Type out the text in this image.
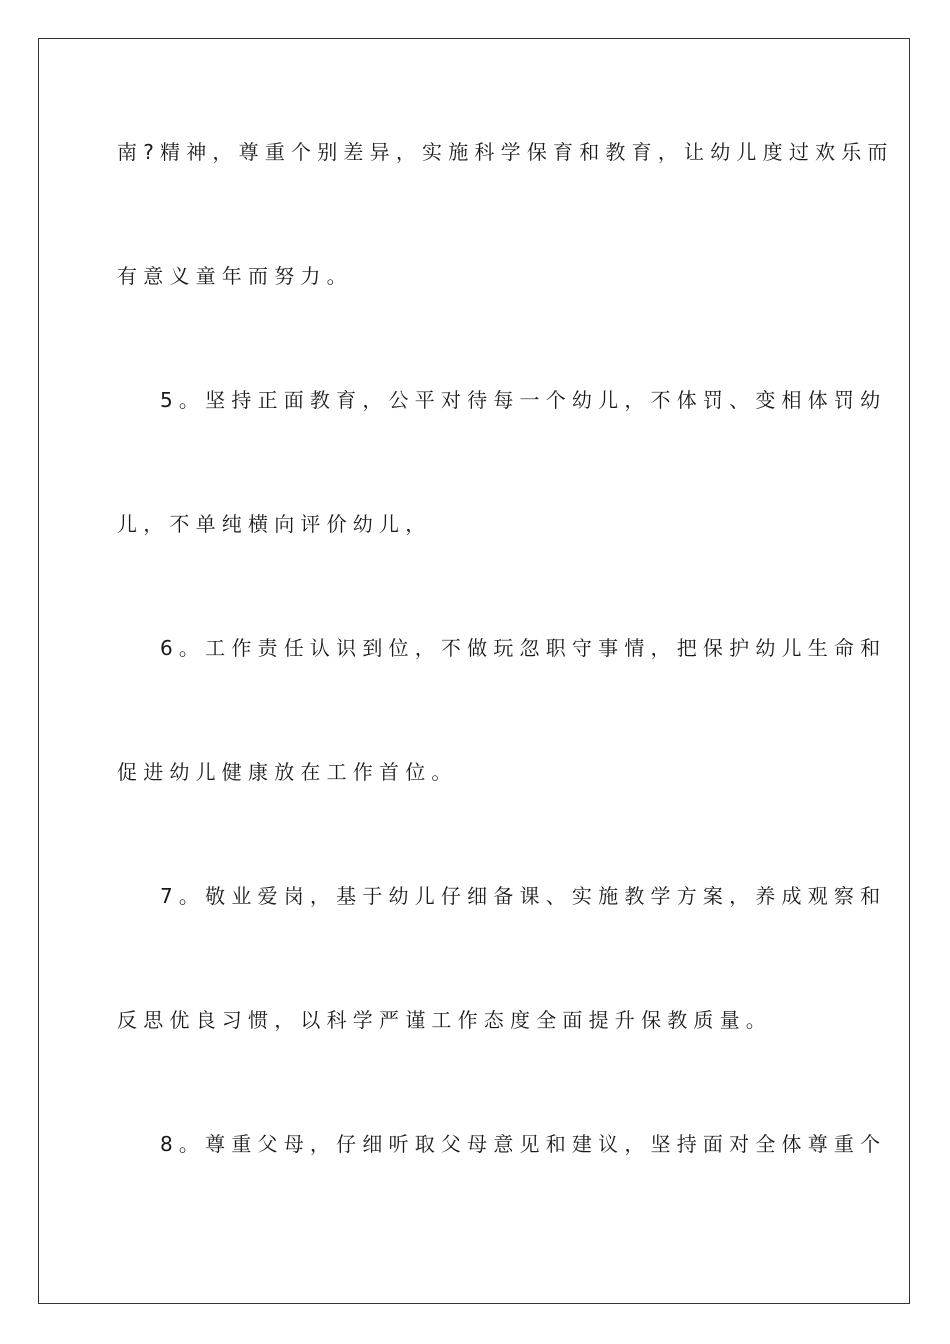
南?精神，尊重个别差异，实施科学保育和教育，让幼儿度过欢乐而
有意义童年而努力。
5。坚持正面教育，公平对待每一个幼儿，不体罚、变相体罚幼
儿，不单纯横向评价幼儿，
6。工作责任认识到位，不做玩忽职守事情，把保护幼儿生命和
促进幼儿健康放在工作首位。
7。敬业爱岗，基于幼儿仔细备课、实施教学方案，养成观察和
反思优良习惯，以科学严谨工作态度全面提升保教质量。
8。尊重父母，仔细听取父母意见和建议，坚持面对全体尊重个
